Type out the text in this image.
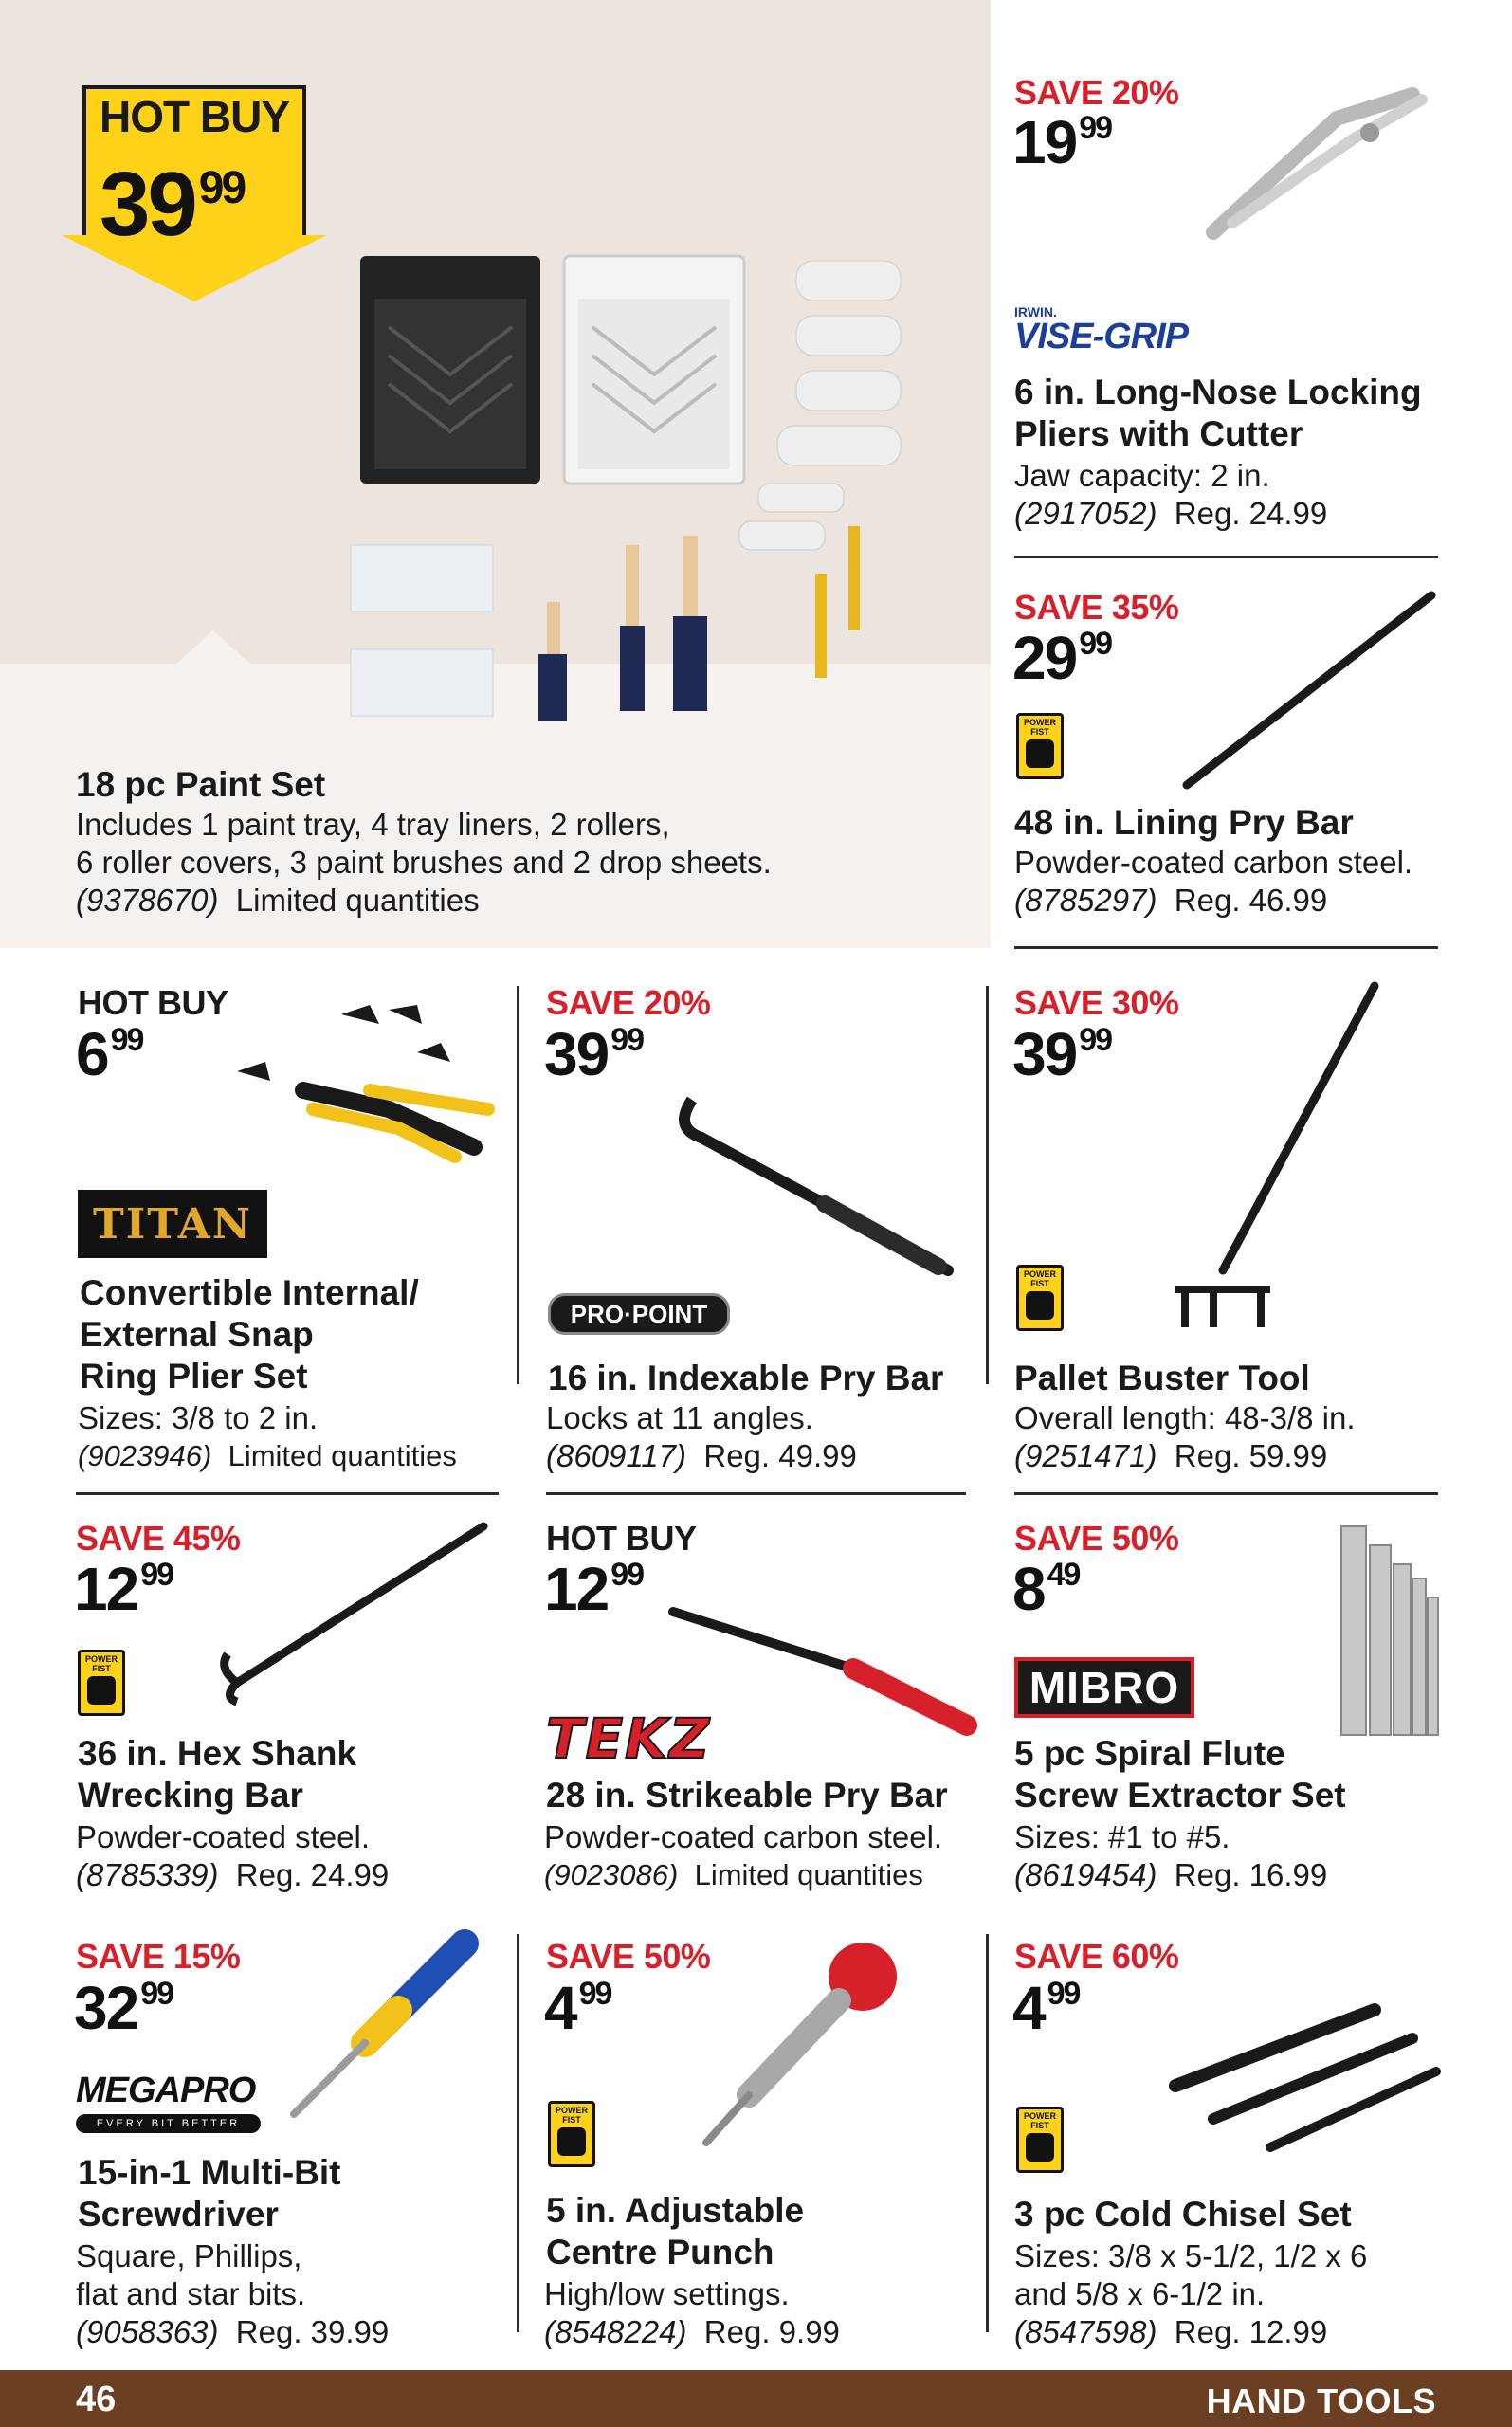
HOT BUY
$39^{99}$
18 pc Paint Set
Includes 1 paint tray, 4 tray liners, 2 rollers,
6 roller covers, 3 paint brushes and 2 drop sheets.
(9378670) Limited quantities
SAVE 20%
$19^{99}$
IRWIN.
VISE-GRIP
6 in. Long-Nose Locking
Pliers with Cutter
Jaw capacity: 2 in.
(2917052) Reg. 24.99
SAVE 35%
$29^{99}$
POWER FIST
48 in. Lining Pry Bar
Powder-coated carbon steel.
(8785297) Reg. 46.99
HOT BUY
$6^{99}$
TITAN
Convertible Internal/
External Snap
Ring Plier Set
Sizes: 3/8 to 2 in.
(9023946) Limited quantities
SAVE 20%
$39^{99}$
PRO·POINT
16 in. Indexable Pry Bar
Locks at 11 angles.
(8609117) Reg. 49.99
SAVE 30%
$39^{99}$
POWER FIST
Pallet Buster Tool
Overall length: 48-3/8 in.
(9251471) Reg. 59.99
SAVE 45%
$12^{99}$
POWER FIST
36 in. Hex Shank
Wrecking Bar
Powder-coated steel.
(8785339) Reg. 24.99
HOT BUY
$12^{99}$
TEKZ
28 in. Strikeable Pry Bar
Powder-coated carbon steel.
(9023086) Limited quantities
SAVE 50%
$8^{49}$
MIBRO
5 pc Spiral Flute
Screw Extractor Set
Sizes: #1 to #5.
(8619454) Reg. 16.99
SAVE 15%
$32^{99}$
MEGAPRO
EVERY BIT BETTER
15-in-1 Multi-Bit
Screwdriver
Square, Phillips,
flat and star bits.
(9058363) Reg. 39.99
SAVE 50%
$4^{99}$
POWER FIST
5 in. Adjustable
Centre Punch
High/low settings.
(8548224) Reg. 9.99
SAVE 60%
$4^{99}$
POWER FIST
3 pc Cold Chisel Set
Sizes: 3/8 x 5-1/2, 1/2 x 6
and 5/8 x 6-1/2 in.
(8547598) Reg. 12.99
46	HAND TOOLS
